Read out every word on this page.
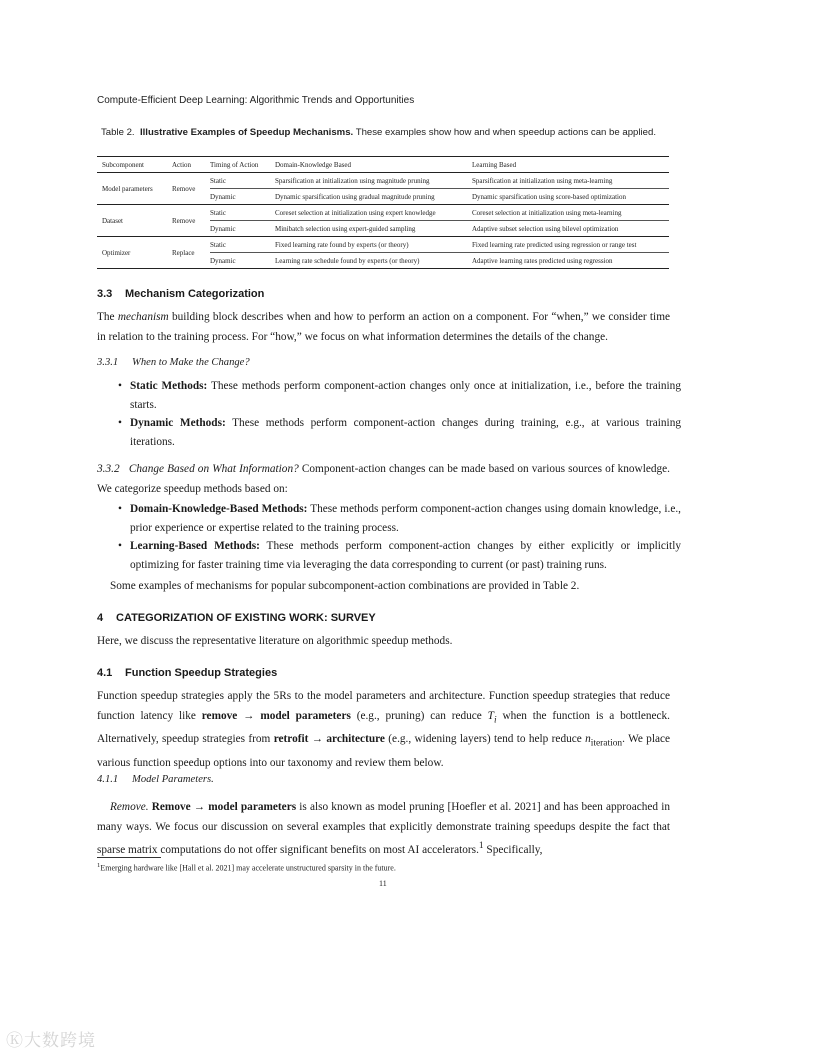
Compute-Efficient Deep Learning: Algorithmic Trends and Opportunities
Table 2. Illustrative Examples of Speedup Mechanisms. These examples show how and when speedup actions can be applied.
Subcomponent	Action	Timing of Action	Domain-Knowledge Based	Learning Based
Model parameters	Remove	Static	Sparsification at initialization using magnitude pruning	Sparsification at initialization using meta-learning
		Dynamic	Dynamic sparsification using gradual magnitude pruning	Dynamic sparsification using score-based optimization
Dataset	Remove	Static	Coreset selection at initialization using expert knowledge	Coreset selection at initialization using meta-learning
		Dynamic	Minibatch selection using expert-guided sampling	Adaptive subset selection using bilevel optimization
Optimizer	Replace	Static	Fixed learning rate found by experts (or theory)	Fixed learning rate predicted using regression or range test
		Dynamic	Learning rate schedule found by experts (or theory)	Adaptive learning rates predicted using regression
3.3 Mechanism Categorization
The mechanism building block describes when and how to perform an action on a component. For “when,” we consider time in relation to the training process. For “how,” we focus on what information determines the details of the change.
3.3.1 When to Make the Change?
• Static Methods: These methods perform component-action changes only once at initialization, i.e., before the training starts.
• Dynamic Methods: These methods perform component-action changes during training, e.g., at various training iterations.
3.3.2 Change Based on What Information? Component-action changes can be made based on various sources of knowledge. We categorize speedup methods based on:
• Domain-Knowledge-Based Methods: These methods perform component-action changes using domain knowledge, i.e., prior experience or expertise related to the training process.
• Learning-Based Methods: These methods perform component-action changes by either explicitly or implicitly optimizing for faster training time via leveraging the data corresponding to current (or past) training runs.
Some examples of mechanisms for popular subcomponent-action combinations are provided in Table 2.
4 CATEGORIZATION OF EXISTING WORK: SURVEY
Here, we discuss the representative literature on algorithmic speedup methods.
4.1 Function Speedup Strategies
Function speedup strategies apply the 5Rs to the model parameters and architecture. Function speedup strategies that reduce function latency like remove → model parameters (e.g., pruning) can reduce $T_i$ when the function is a bottleneck. Alternatively, speedup strategies from retrofit → architecture (e.g., widening layers) tend to help reduce $n_{iteration}$. We place various function speedup options into our taxonomy and review them below.
4.1.1 Model Parameters.
Remove. Remove → model parameters is also known as model pruning [Hoefler et al. 2021] and has been approached in many ways. We focus our discussion on several examples that explicitly demonstrate training speedups despite the fact that sparse matrix computations do not offer significant benefits on most AI accelerators.$^1$ Specifically,
$^1$Emerging hardware like [Hall et al. 2021] may accelerate unstructured sparsity in the future.
11
Ⓚ大数跨境
